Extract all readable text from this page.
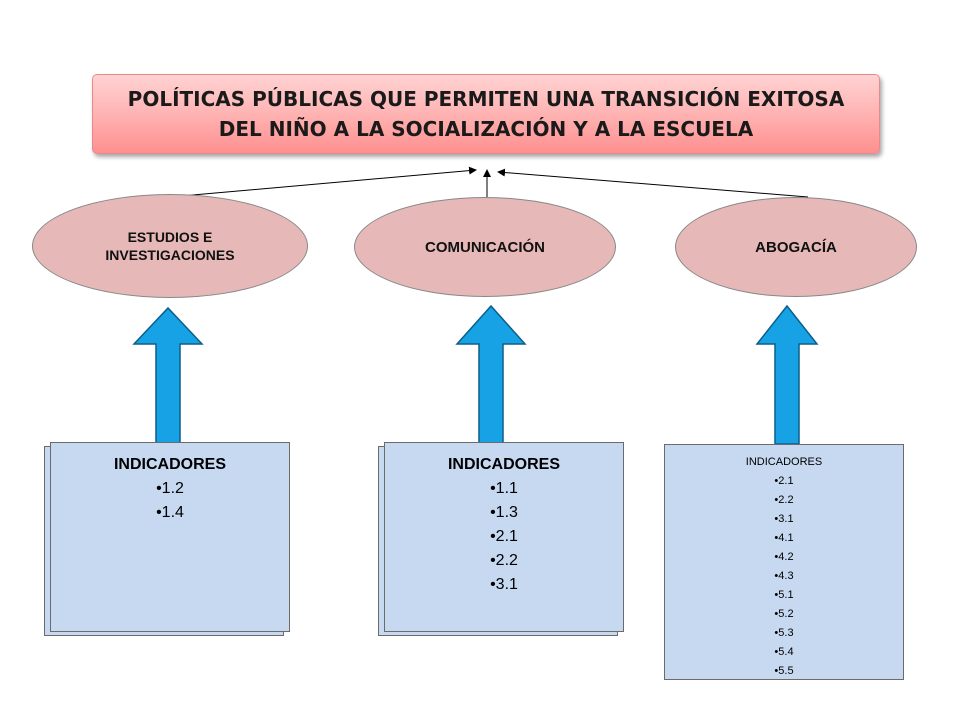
POLÍTICAS PÚBLICAS QUE PERMITEN UNA TRANSICIÓN EXITOSA DEL NIÑO A LA SOCIALIZACIÓN Y A LA ESCUELA
ESTUDIOS E INVESTIGACIONES	COMUNICACIÓN	ABOGACÍA
INDICADORES
• 1.2
• 1.4
INDICADORES
• 1.1
• 1.3
• 2.1
• 2.2
• 3.1
INDICADORES
• 2.1
• 2.2
• 3.1
• 4.1
• 4.2
• 4.3
• 5.1
• 5.2
• 5.3
• 5.4
• 5.5
